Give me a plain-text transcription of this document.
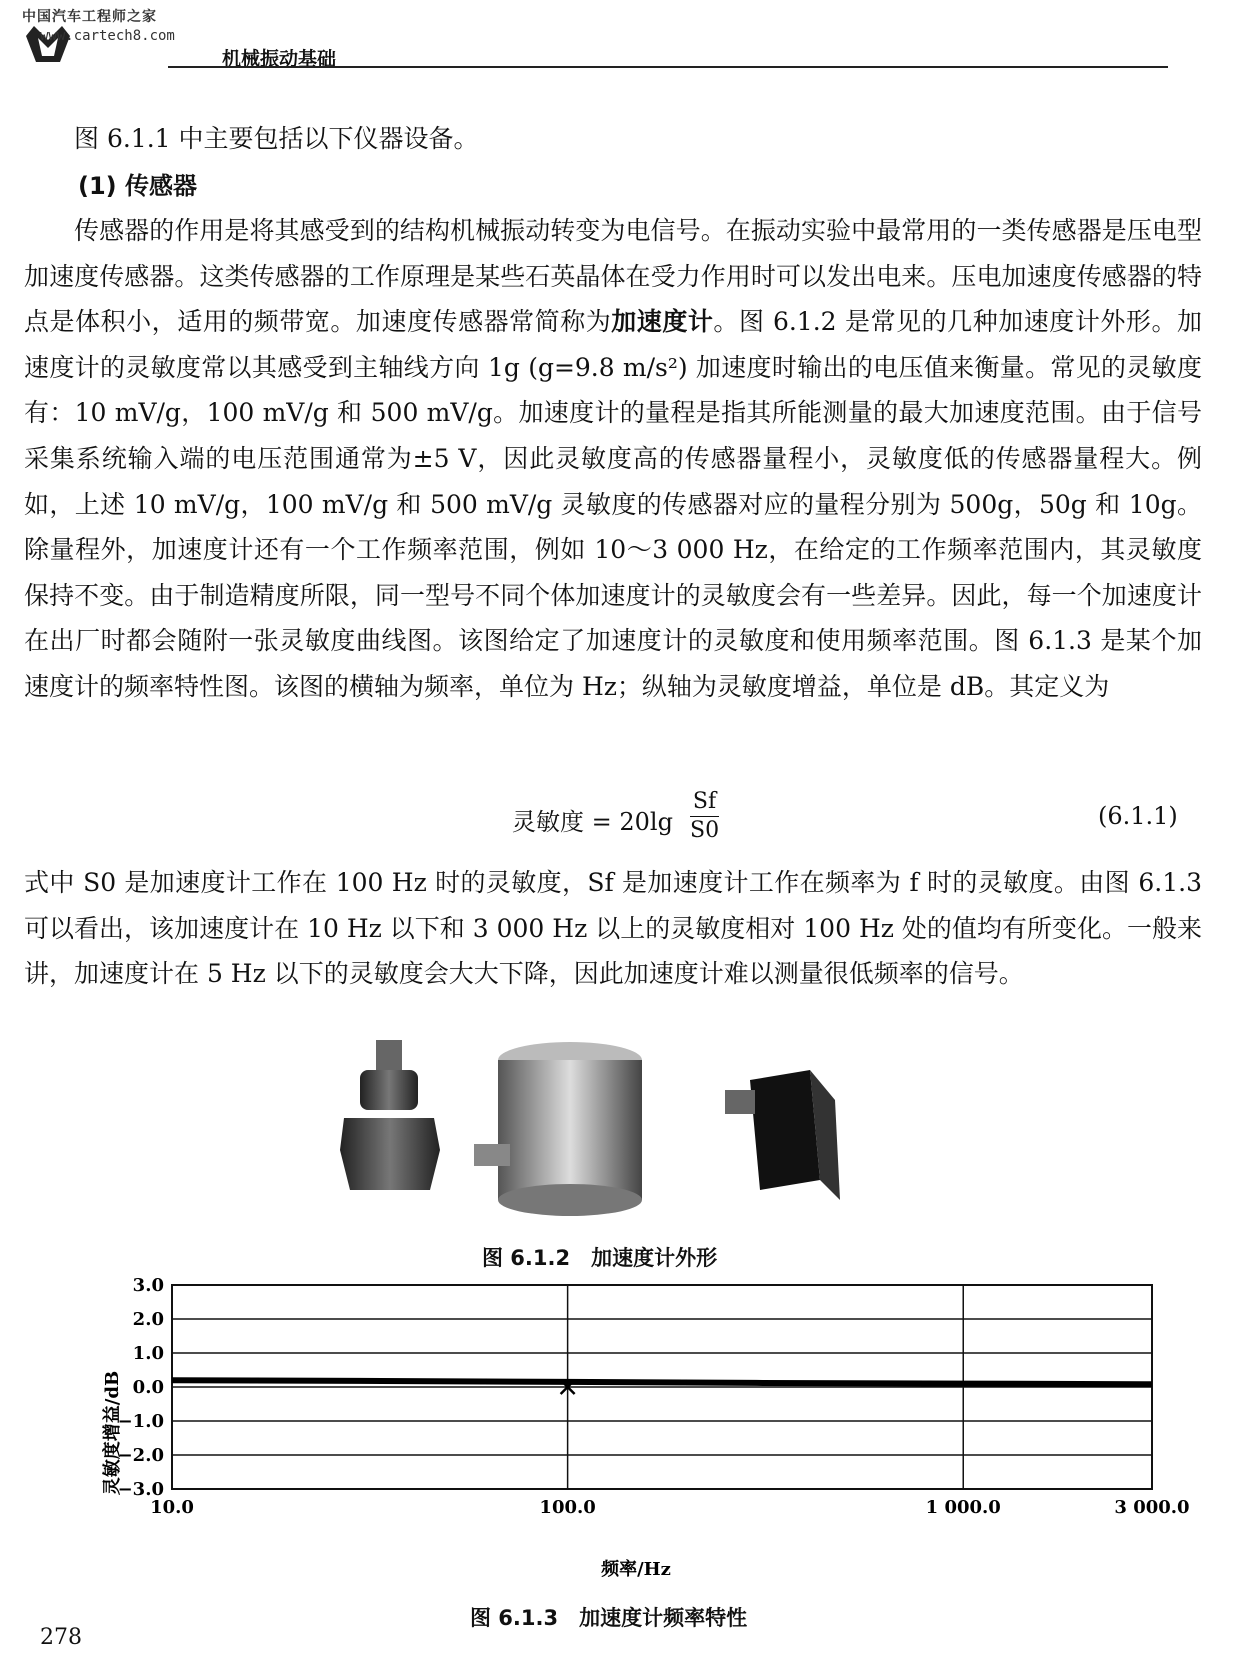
中国汽车工程师之家
www.cartech8.com
机械振动基础

图 6.1.1 中主要包括以下仪器设备。

(1) 传感器

传感器的作用是将其感受到的结构机械振动转变为电信号。在振动实验中最常用的一类传感器是压电型加速度传感器。这类传感器的工作原理是某些石英晶体在受力作用时可以发出电来。压电加速度传感器的特点是体积小，适用的频带宽。加速度传感器常简称为加速度计。图 6.1.2 是常见的几种加速度计外形。加速度计的灵敏度常以其感受到主轴线方向 1g (g=9.8 m/s²) 加速度时输出的电压值来衡量。常见的灵敏度有：10 mV/g，100 mV/g 和 500 mV/g。加速度计的量程是指其所能测量的最大加速度范围。由于信号采集系统输入端的电压范围通常为±5 V，因此灵敏度高的传感器量程小，灵敏度低的传感器量程大。例如，上述 10 mV/g，100 mV/g 和 500 mV/g 灵敏度的传感器对应的量程分别为 500g，50g 和 10g。除量程外，加速度计还有一个工作频率范围，例如 10～3 000 Hz，在给定的工作频率范围内，其灵敏度保持不变。由于制造精度所限，同一型号不同个体加速度计的灵敏度会有一些差异。因此，每一个加速度计在出厂时都会随附一张灵敏度曲线图。该图给定了加速度计的灵敏度和使用频率范围。图 6.1.3 是某个加速度计的频率特性图。该图的横轴为频率，单位为 Hz；纵轴为灵敏度增益，单位是 dB。其定义为

灵敏度 = $20\lg \frac{Sf}{S0}$	(6.1.1)

式中 S0 是加速度计工作在 100 Hz 时的灵敏度，Sf 是加速度计工作在频率为 f 时的灵敏度。由图 6.1.3 可以看出，该加速度计在 10 Hz 以下和 3 000 Hz 以上的灵敏度相对 100 Hz 处的值均有所变化。一般来讲，加速度计在 5 Hz 以下的灵敏度会大大下降，因此加速度计难以测量很低频率的信号。

图 6.1.2　加速度计外形
3.0
2.0
1.0
0.0
−1.0
−2.0
−3.0
10.0	100.0	1 000.0	3 000.0
频率/Hz
灵敏度增益/dB
图 6.1.3　加速度计频率特性
278
